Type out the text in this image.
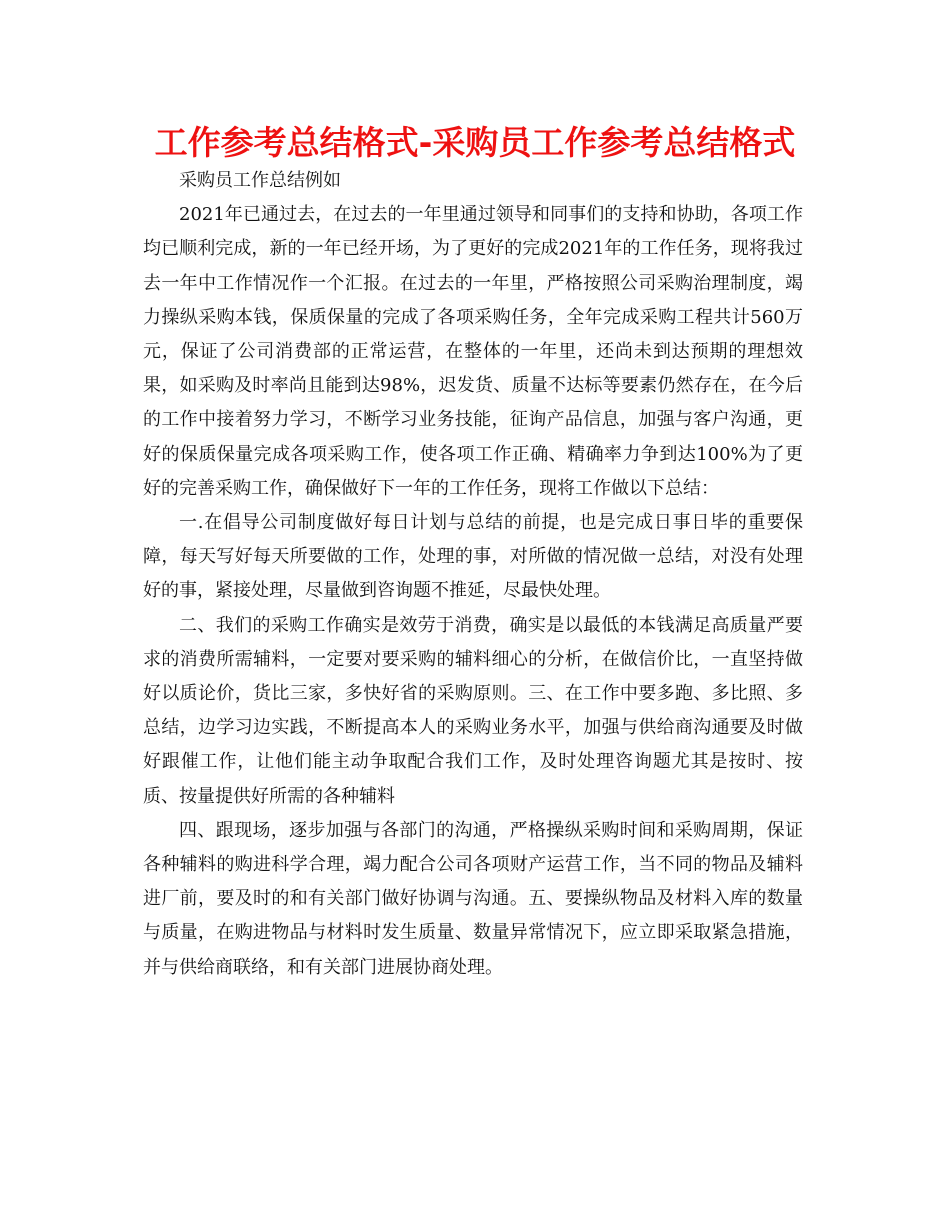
工作参考总结格式-采购员工作参考总结格式

采购员工作总结例如

2021年已通过去，在过去的一年里通过领导和同事们的支持和协助，各项工作均已顺利完成，新的一年已经开场，为了更好的完成2021年的工作任务，现将我过去一年中工作情况作一个汇报。在过去的一年里，严格按照公司采购治理制度，竭力操纵采购本钱，保质保量的完成了各项采购任务，全年完成采购工程共计560万元，保证了公司消费部的正常运营，在整体的一年里，还尚未到达预期的理想效果，如采购及时率尚且能到达98%，迟发货、质量不达标等要素仍然存在，在今后的工作中接着努力学习，不断学习业务技能，征询产品信息，加强与客户沟通，更好的保质保量完成各项采购工作，使各项工作正确、精确率力争到达100%为了更好的完善采购工作，确保做好下一年的工作任务，现将工作做以下总结：

一.在倡导公司制度做好每日计划与总结的前提，也是完成日事日毕的重要保障，每天写好每天所要做的工作，处理的事，对所做的情况做一总结，对没有处理好的事，紧接处理，尽量做到咨询题不推延，尽最快处理。

二、我们的采购工作确实是效劳于消费，确实是以最低的本钱满足高质量严要求的消费所需辅料，一定要对要采购的辅料细心的分析，在做信价比，一直坚持做好以质论价，货比三家，多快好省的采购原则。三、在工作中要多跑、多比照、多总结，边学习边实践，不断提高本人的采购业务水平，加强与供给商沟通要及时做好跟催工作，让他们能主动争取配合我们工作，及时处理咨询题尤其是按时、按质、按量提供好所需的各种辅料

四、跟现场，逐步加强与各部门的沟通，严格操纵采购时间和采购周期，保证各种辅料的购进科学合理，竭力配合公司各项财产运营工作，当不同的物品及辅料进厂前，要及时的和有关部门做好协调与沟通。五、要操纵物品及材料入库的数量与质量，在购进物品与材料时发生质量、数量异常情况下，应立即采取紧急措施，并与供给商联络，和有关部门进展协商处理。
